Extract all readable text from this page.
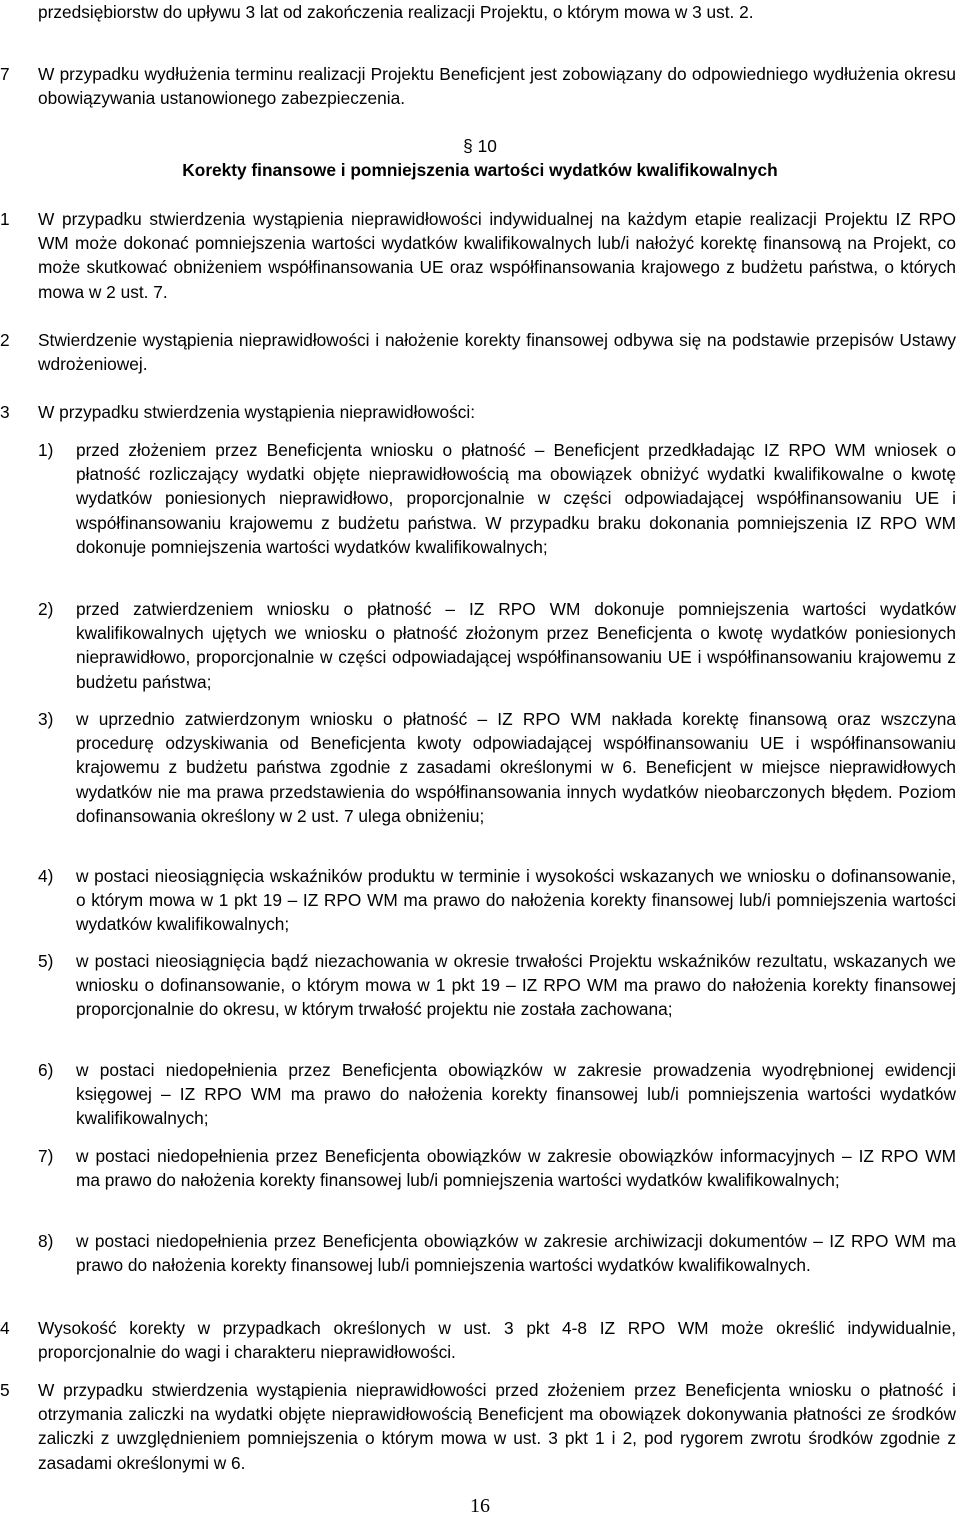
przedsiębiorstw do upływu 3 lat od zakończenia realizacji Projektu, o którym mowa w 3 ust. 2.

7 W przypadku wydłużenia terminu realizacji Projektu Beneficjent jest zobowiązany do odpowiedniego wydłużenia okresu obowiązywania ustanowionego zabezpieczenia.

§ 10

Korekty finansowe i pomniejszenia wartości wydatków kwalifikowalnych

1 W przypadku stwierdzenia wystąpienia nieprawidłowości indywidualnej na każdym etapie realizacji Projektu IZ RPO WM może dokonać pomniejszenia wartości wydatków kwalifikowalnych lub/i nałożyć korektę finansową na Projekt, co może skutkować obniżeniem współfinansowania UE oraz współfinansowania krajowego z budżetu państwa, o których mowa w 2 ust. 7.

2 Stwierdzenie wystąpienia nieprawidłowości i nałożenie korekty finansowej odbywa się na podstawie przepisów Ustawy wdrożeniowej.

3 W przypadku stwierdzenia wystąpienia nieprawidłowości:

1) przed złożeniem przez Beneficjenta wniosku o płatność – Beneficjent przedkładając IZ RPO WM wniosek o płatność rozliczający wydatki objęte nieprawidłowością ma obowiązek obniżyć wydatki kwalifikowalne o kwotę wydatków poniesionych nieprawidłowo, proporcjonalnie w części odpowiadającej współfinansowaniu UE i współfinansowaniu krajowemu z budżetu państwa. W przypadku braku dokonania pomniejszenia IZ RPO WM dokonuje pomniejszenia wartości wydatków kwalifikowalnych;

2) przed zatwierdzeniem wniosku o płatność – IZ RPO WM dokonuje pomniejszenia wartości wydatków kwalifikowalnych ujętych we wniosku o płatność złożonym przez Beneficjenta o kwotę wydatków poniesionych nieprawidłowo, proporcjonalnie w części odpowiadającej współfinansowaniu UE i współfinansowaniu krajowemu z budżetu państwa;

3) w uprzednio zatwierdzonym wniosku o płatność – IZ RPO WM nakłada korektę finansową oraz wszczyna procedurę odzyskiwania od Beneficjenta kwoty odpowiadającej współfinansowaniu UE i współfinansowaniu krajowemu z budżetu państwa zgodnie z zasadami określonymi w 6. Beneficjent w miejsce nieprawidłowych wydatków nie ma prawa przedstawienia do współfinansowania innych wydatków nieobarczonych błędem. Poziom dofinansowania określony w 2 ust. 7 ulega obniżeniu;

4) w postaci nieosiągnięcia wskaźników produktu w terminie i wysokości wskazanych we wniosku o dofinansowanie, o którym mowa w 1 pkt 19 – IZ RPO WM ma prawo do nałożenia korekty finansowej lub/i pomniejszenia wartości wydatków kwalifikowalnych;

5) w postaci nieosiągnięcia bądź niezachowania w okresie trwałości Projektu wskaźników rezultatu, wskazanych we wniosku o dofinansowanie, o którym mowa w 1 pkt 19 – IZ RPO WM ma prawo do nałożenia korekty finansowej proporcjonalnie do okresu, w którym trwałość projektu nie została zachowana;

6) w postaci niedopełnienia przez Beneficjenta obowiązków w zakresie prowadzenia wyodrębnionej ewidencji księgowej – IZ RPO WM ma prawo do nałożenia korekty finansowej lub/i pomniejszenia wartości wydatków kwalifikowalnych;

7) w postaci niedopełnienia przez Beneficjenta obowiązków w zakresie obowiązków informacyjnych – IZ RPO WM ma prawo do nałożenia korekty finansowej lub/i pomniejszenia wartości wydatków kwalifikowalnych;

8) w postaci niedopełnienia przez Beneficjenta obowiązków w zakresie archiwizacji dokumentów – IZ RPO WM ma prawo do nałożenia korekty finansowej lub/i pomniejszenia wartości wydatków kwalifikowalnych.

4 Wysokość korekty w przypadkach określonych w ust. 3 pkt 4-8 IZ RPO WM może określić indywidualnie, proporcjonalnie do wagi i charakteru nieprawidłowości.

5 W przypadku stwierdzenia wystąpienia nieprawidłowości przed złożeniem przez Beneficjenta wniosku o płatność i otrzymania zaliczki na wydatki objęte nieprawidłowością Beneficjent ma obowiązek dokonywania płatności ze środków zaliczki z uwzględnieniem pomniejszenia o którym mowa w ust. 3 pkt 1 i 2, pod rygorem zwrotu środków zgodnie z zasadami określonymi w 6.

16
